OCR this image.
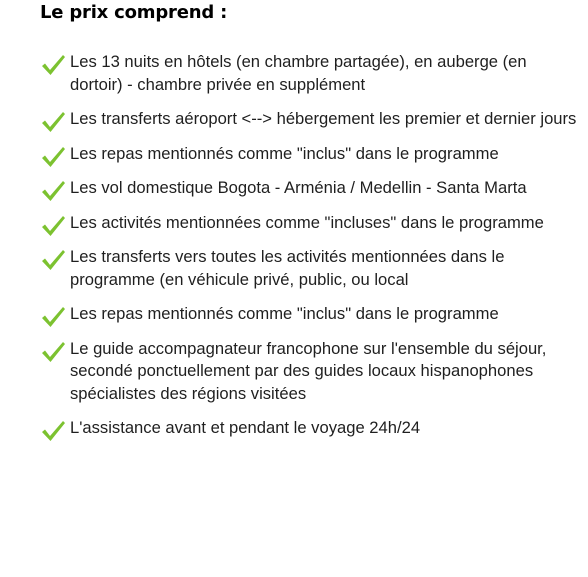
Le prix comprend :
Les 13 nuits en hôtels (en chambre partagée), en auberge (en dortoir) - chambre privée en supplément
Les transferts aéroport <--> hébergement les premier et dernier jours
Les repas mentionnés comme "inclus" dans le programme
Les vol domestique Bogota - Arménia / Medellin - Santa Marta
Les activités mentionnées comme "incluses" dans le programme
Les transferts vers toutes les activités mentionnées dans le programme (en véhicule privé, public, ou local
Les repas mentionnés comme "inclus" dans le programme
Le guide accompagnateur francophone sur l'ensemble du séjour, secondé ponctuellement par des guides locaux hispanophones spécialistes des régions visitées
L'assistance avant et pendant le voyage 24h/24
